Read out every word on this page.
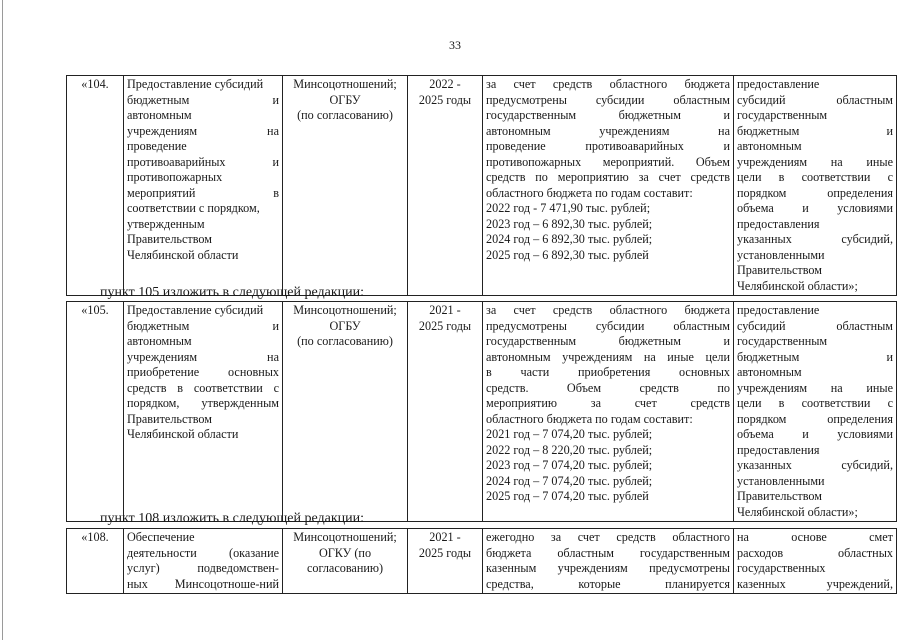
33
«104.	Предоставление субсидий
бюджетным и
автономным
учреждениям на
проведение
противоаварийных и
противопожарных
мероприятий в
соответствии с порядком,
утвержденным
Правительством
Челябинской области

Минсоцотношений;
ОГБУ
(по согласованию)

2022 -
2025 годы

за счет средств областного бюджета
предусмотрены субсидии областным
государственным бюджетным и
автономным учреждениям на
проведение противоаварийных и
противопожарных мероприятий. Объем
средств по мероприятию за счет средств
областного бюджета по годам составит:
2022 год - 7 471,90 тыс. рублей;
2023 год – 6 892,30 тыс. рублей;
2024 год – 6 892,30 тыс. рублей;
2025 год – 6 892,30 тыс. рублей

предоставление
субсидий областным
государственным
бюджетным и
автономным
учреждениям на иные
цели в соответствии с
порядком определения
объема и условиями
предоставления
указанных субсидий,
установленными
Правительством
Челябинской области»;
пункт 105 изложить в следующей редакции:
«105.	Предоставление субсидий
бюджетным и
автономным
учреждениям на
приобретение основных
средств в соответствии с
порядком, утвержденным
Правительством
Челябинской области

Минсоцотношений;
ОГБУ
(по согласованию)

2021 -
2025 годы

за счет средств областного бюджета
предусмотрены субсидии областным
государственным бюджетным и
автономным учреждениям на иные цели
в части приобретения основных
средств. Объем средств по
мероприятию за счет средств
областного бюджета по годам составит:
2021 год – 7 074,20 тыс. рублей;
2022 год – 8 220,20 тыс. рублей;
2023 год – 7 074,20 тыс. рублей;
2024 год – 7 074,20 тыс. рублей;
2025 год – 7 074,20 тыс. рублей

предоставление
субсидий областным
государственным
бюджетным и
автономным
учреждениям на иные
цели в соответствии с
порядком определения
объема и условиями
предоставления
указанных субсидий,
установленными
Правительством
Челябинской области»;
пункт 108 изложить в следующей редакции:
«108.	Обеспечение
деятельности (оказание
услуг) подведомствен-
ных Минсоцотноше-ний

Минсоцотношений;
ОГКУ (по
согласованию)

2021 -
2025 годы

ежегодно за счет средств областного
бюджета областным государственным
казенным учреждениям предусмотрены
средства, которые планируется

на основе смет
расходов областных
государственных
казенных учреждений,
